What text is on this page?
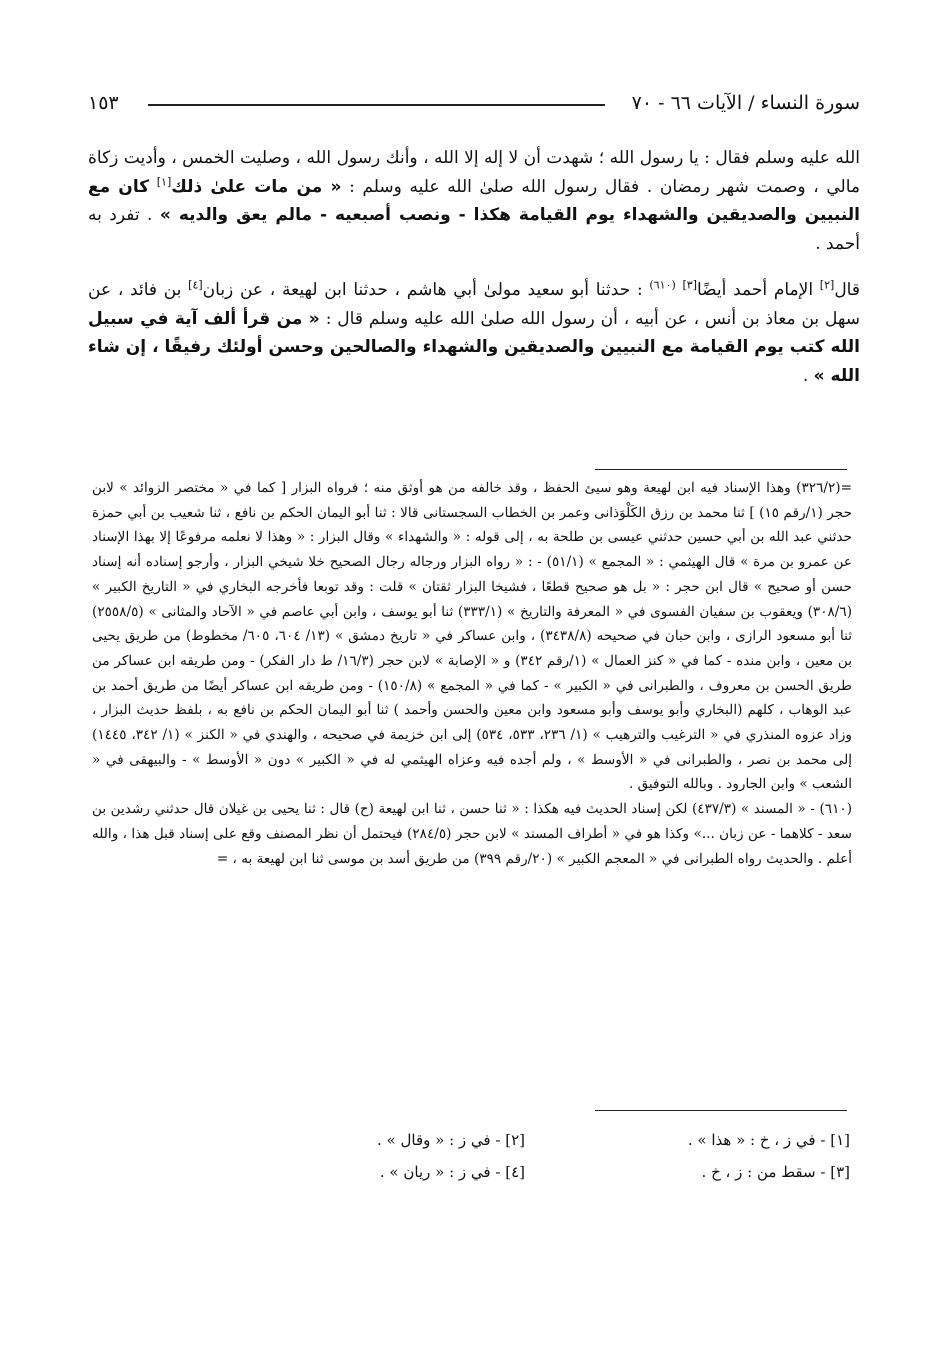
سورة النساء / الآيات ٦٦ - ٧٠
١٥٣

الله عليه وسلم فقال : يا رسول الله ؛ شهدت أن لا إله إلا الله ، وأنك رسول الله ، وصليت الخمس ، وأديت زكاة مالي ، وصمت شهر رمضان . فقال رسول الله صلىٰ الله عليه وسلم : « من مات علىٰ ذلك[١] كان مع النبيين والصديقين والشهداء يوم القيامة هكذا - ونصب أصبعيه - مالم يعق والديه » . تفرد به أحمد .

قال[٢] الإمام أحمد أيضًا[٣] $^{(٦١٠)}$ : حدثنا أبو سعيد مولىٰ أبي هاشم ، حدثنا ابن لهيعة ، عن زبان[٤] بن فائد ، عن سهل بن معاذ بن أنس ، عن أبيه ، أن رسول الله صلىٰ الله عليه وسلم قال : « من قرأ ألف آية في سبيل الله كتب يوم القيامة مع النبيين والصديقين والشهداء والصالحين وحسن أولئك رفيقًا ، إن شاء الله » .

=(٣٢٦/٢) وهذا الإسناد فيه ابن لهيعة وهو سيئ الحفظ ، وقد خالفه من هو أوثق منه ؛ فرواه البزار [ كما في « مختصر الزوائد » لابن حجر (١/رقم ١٥) ] ثنا محمد بن رزق الكَلْوَذانى وعمر بن الخطاب السجستانى قالا : ثنا أبو اليمان الحكم بن نافع ، ثنا شعيب بن أبي حمزة حدثني عبد الله بن أبي حسين حدثني عيسى بن طلحة به ، إلى قوله : « والشهداء » وقال البزار : « وهذا لا نعلمه مرفوعًا إلا بهذا الإسناد عن عمرو بن مرة » قال الهيثمي : « المجمع » (٥١/١) - : « رواه البزار ورجاله رجال الصحيح خلا شيخي البزار ، وأرجو إسناده أنه إسناد حسن أو صحيح » قال ابن حجر : « بل هو صحيح قطعًا ، فشيخا البزار ثقتان » قلت : وقد توبعا فأخرجه البخاري في « التاريخ الكبير » (٣٠٨/٦) ويعقوب بن سفيان الفسوى في « المعرفة والتاريخ » (٣٣٣/١) ثنا أبو يوسف ، وابن أبي عاصم في « الآحاد والمثانى » (٢٥٥٨/٥) ثنا أبو مسعود الرازى ، وابن حبان في صحيحه (٣٤٣٨/٨) ، وابن عساكر في « تاريخ دمشق » (١٣/ ٦٠٤، ٦٠٥/ مخطوط) من طريق يحيى بن معين ، وابن منده - كما في « كنز العمال » (١/رقم ٣٤٢) و « الإصابة » لابن حجر (١٦/٣/ ط دار الفكر) - ومن طريقه ابن عساكر من طريق الحسن بن معروف ، والطبرانى في « الكبير » - كما في « المجمع » (١٥٠/٨) - ومن طريقه ابن عساكر أيضًا من طريق أحمد بن عبد الوهاب ، كلهم (البخاري وأبو يوسف وأبو مسعود وابن معين والحسن وأحمد ) ثنا أبو اليمان الحكم بن نافع به ، بلفظ حديث البزار ، وزاد عزوه المنذري في « الترغيب والترهيب » (١/ ٢٣٦، ٥٣٣، ٥٣٤) إلى ابن خزيمة في صحيحه ، والهندي في « الكنز » (١/ ٣٤٢، ١٤٤٥) إلى محمد بن نصر ، والطبرانى في « الأوسط » ، ولم أجده فيه وعزاه الهيثمي له في « الكبير » دون « الأوسط » - والبيهقى في « الشعب » وابن الجارود . وبالله التوفيق .

(٦١٠) - « المسند » (٤٣٧/٣) لكن إسناد الحديث فيه هكذا : « ثنا حسن ، ثنا ابن لهيعة (ح) قال : ثنا يحيى بن غيلان قال حدثني رشدين بن سعد - كلاهما - عن زبان ...» وكذا هو في « أطراف المسند » لابن حجر (٢٨٤/٥) فيحتمل أن نظر المصنف وقع على إسناد قبل هذا ، والله أعلم . والحديث رواه الطبرانى في « المعجم الكبير » (٢٠/رقم ٣٩٩) من طريق أسد بن موسى ثنا ابن لهيعة به ، =

[١] - في ز ، خ : « هذا » .
[٢] - في ز : « وقال » .
[٣] - سقط من : ز ، خ .
[٤] - في ز : « ريان » .
